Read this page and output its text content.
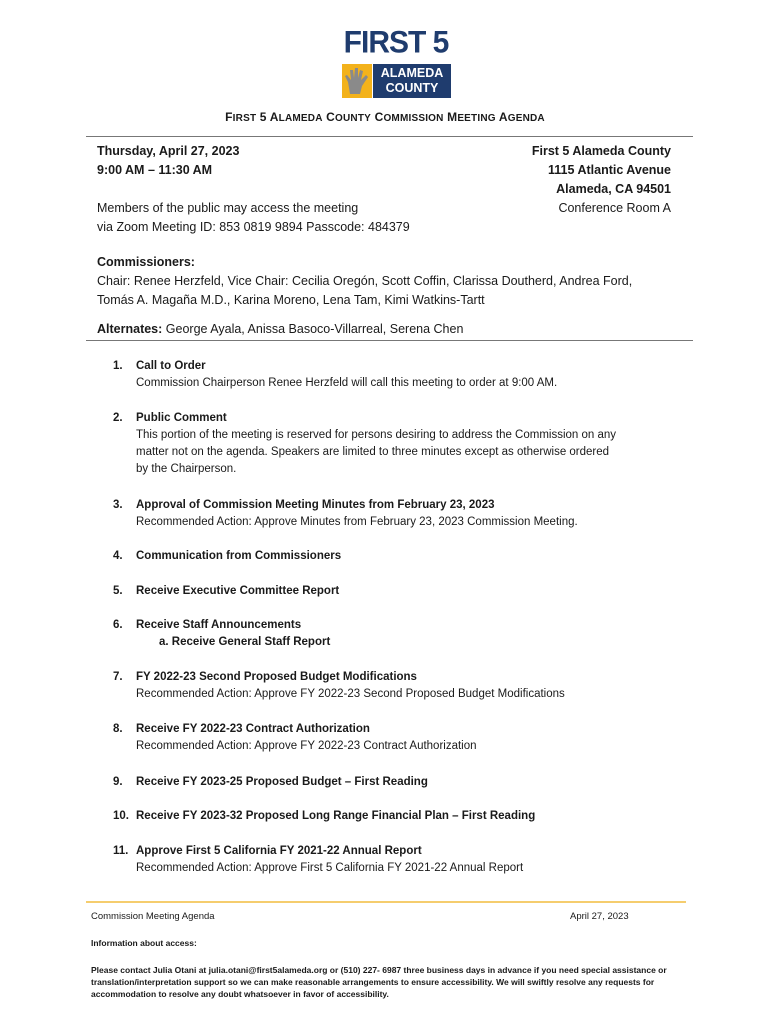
FIRST 5
ALAMEDA
COUNTY
FIRST 5 ALAMEDA COUNTY COMMISSION MEETING AGENDA
Thursday, April 27, 2023
9:00 AM – 11:30 AM
Members of the public may access the meeting
via Zoom Meeting ID: 853 0819 9894 Passcode: 484379
First 5 Alameda County
1115 Atlantic Avenue
Alameda, CA 94501
Conference Room A
Commissioners:
Chair: Renee Herzfeld, Vice Chair: Cecilia Oregón, Scott Coffin, Clarissa Doutherd, Andrea Ford,
Tomás A. Magaña M.D., Karina Moreno, Lena Tam, Kimi Watkins-Tartt
Alternates: George Ayala, Anissa Basoco-Villarreal, Serena Chen
1. Call to Order
Commission Chairperson Renee Herzfeld will call this meeting to order at 9:00 AM.
2. Public Comment
This portion of the meeting is reserved for persons desiring to address the Commission on any
matter not on the agenda. Speakers are limited to three minutes except as otherwise ordered
by the Chairperson.
3. Approval of Commission Meeting Minutes from February 23, 2023
Recommended Action: Approve Minutes from February 23, 2023 Commission Meeting.
4. Communication from Commissioners
5. Receive Executive Committee Report
6. Receive Staff Announcements
a. Receive General Staff Report
7. FY 2022-23 Second Proposed Budget Modifications
Recommended Action: Approve FY 2022-23 Second Proposed Budget Modifications
8. Receive FY 2022-23 Contract Authorization
Recommended Action: Approve FY 2022-23 Contract Authorization
9. Receive FY 2023-25 Proposed Budget – First Reading
10. Receive FY 2023-32 Proposed Long Range Financial Plan – First Reading
11. Approve First 5 California FY 2021-22 Annual Report
Recommended Action: Approve First 5 California FY 2021-22 Annual Report
Commission Meeting Agenda	April 27, 2023
Information about access:
Please contact Julia Otani at julia.otani@first5alameda.org or (510) 227- 6987 three business days in advance if you need special assistance or translation/interpretation support so we can make reasonable arrangements to ensure accessibility. We will swiftly resolve any requests for accommodation to resolve any doubt whatsoever in favor of accessibility.
